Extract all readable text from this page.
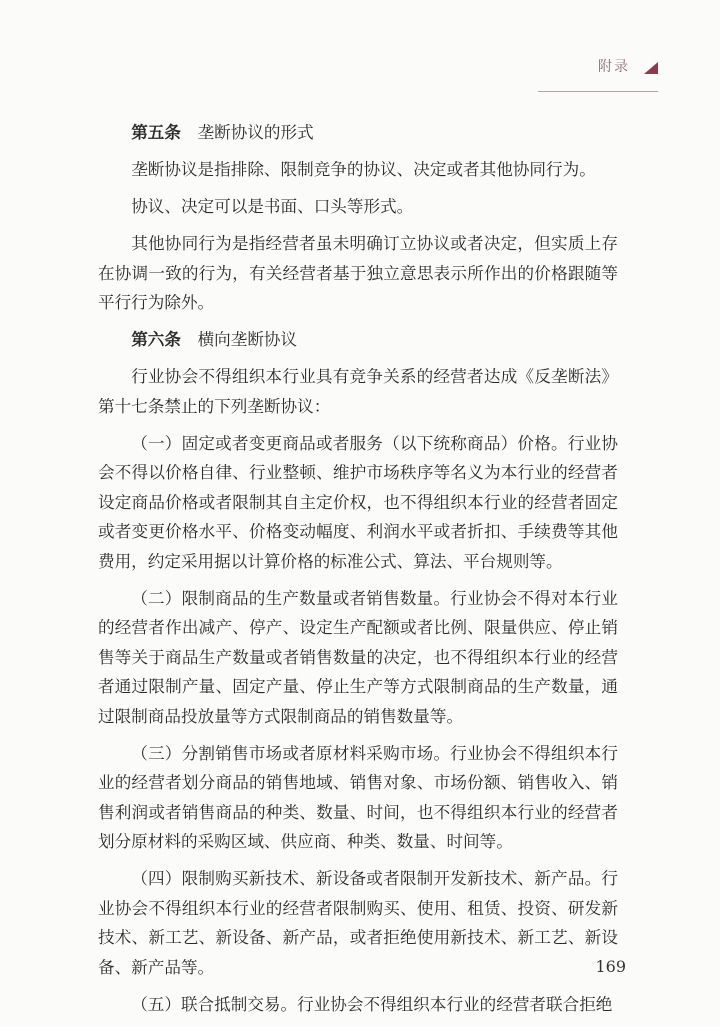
附录

第五条 垄断协议的形式

垄断协议是指排除、限制竞争的协议、决定或者其他协同行为。

协议、决定可以是书面、口头等形式。

其他协同行为是指经营者虽未明确订立协议或者决定，但实质上存在协调一致的行为，有关经营者基于独立意思表示所作出的价格跟随等平行行为除外。

第六条 横向垄断协议

行业协会不得组织本行业具有竞争关系的经营者达成《反垄断法》第十七条禁止的下列垄断协议：

（一）固定或者变更商品或者服务（以下统称商品）价格。行业协会不得以价格自律、行业整顿、维护市场秩序等名义为本行业的经营者设定商品价格或者限制其自主定价权，也不得组织本行业的经营者固定或者变更价格水平、价格变动幅度、利润水平或者折扣、手续费等其他费用，约定采用据以计算价格的标准公式、算法、平台规则等。

（二）限制商品的生产数量或者销售数量。行业协会不得对本行业的经营者作出减产、停产、设定生产配额或者比例、限量供应、停止销售等关于商品生产数量或者销售数量的决定，也不得组织本行业的经营者通过限制产量、固定产量、停止生产等方式限制商品的生产数量，通过限制商品投放量等方式限制商品的销售数量等。

（三）分割销售市场或者原材料采购市场。行业协会不得组织本行业的经营者划分商品的销售地域、销售对象、市场份额、销售收入、销售利润或者销售商品的种类、数量、时间，也不得组织本行业的经营者划分原材料的采购区域、供应商、种类、数量、时间等。

（四）限制购买新技术、新设备或者限制开发新技术、新产品。行业协会不得组织本行业的经营者限制购买、使用、租赁、投资、研发新技术、新工艺、新设备、新产品，或者拒绝使用新技术、新工艺、新设备、新产品等。

（五）联合抵制交易。行业协会不得组织本行业的经营者联合拒绝

169
